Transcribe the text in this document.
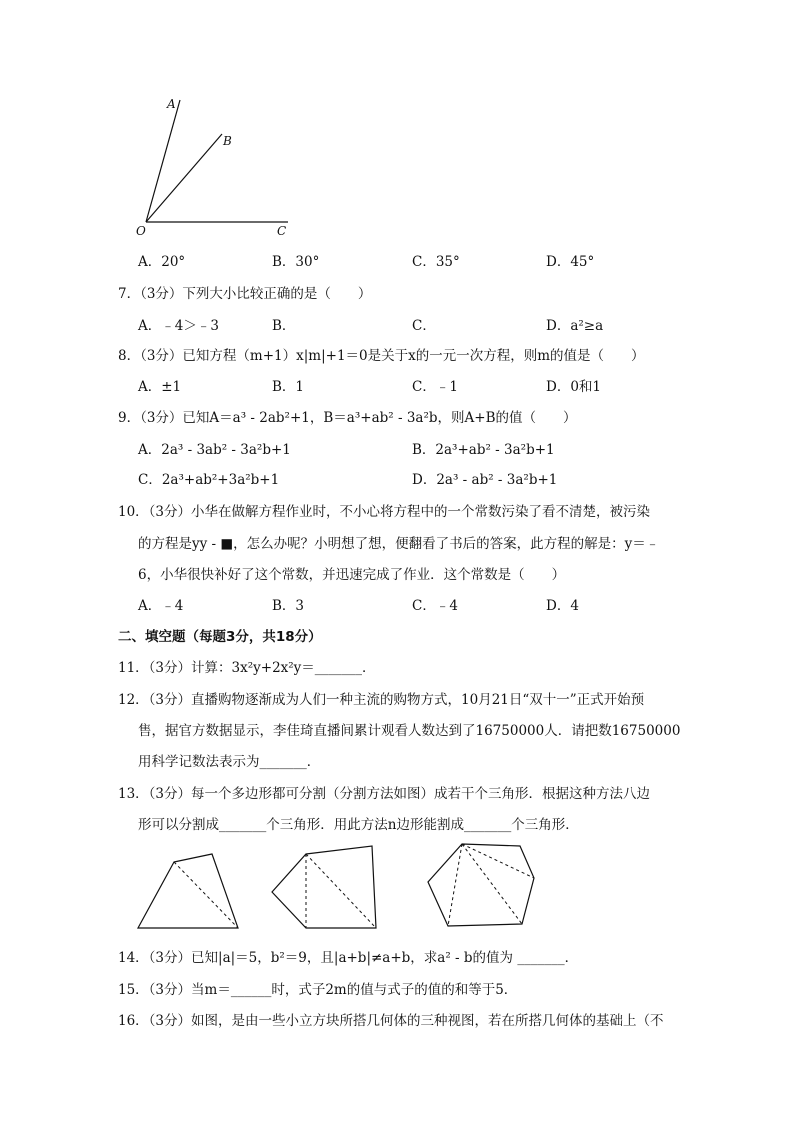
A
B
O	C
A．20°	B．30°	C．35°	D．45°
7．（3分）下列大小比较正确的是（　　）
A．﹣4＞﹣3	B．	C．	D．a²≥a
8．（3分）已知方程（m+1）x|m|+1＝0是关于x的一元一次方程，则m的值是（　　）
A．±1	B．1	C．﹣1	D．0和1
9．（3分）已知A＝a³ - 2ab²+1，B＝a³+ab² - 3a²b，则A+B的值（　　）
A．2a³ - 3ab² - 3a²b+1	B．2a³+ab² - 3a²b+1
C．2a³+ab²+3a²b+1	D．2a³ - ab² - 3a²b+1
10．（3分）小华在做解方程作业时，不小心将方程中的一个常数污染了看不清楚，被污染
的方程是yy - ■，怎么办呢？小明想了想，便翻看了书后的答案，此方程的解是：y＝﹣
6，小华很快补好了这个常数，并迅速完成了作业．这个常数是（　　）
A．﹣4	B．3	C．﹣4	D．4
二、填空题（每题3分，共18分）
11．（3分）计算：3x²y+2x²y＝_______．
12．（3分）直播购物逐渐成为人们一种主流的购物方式，10月21日“双十一”正式开始预
售，据官方数据显示，李佳琦直播间累计观看人数达到了16750000人．请把数16750000
用科学记数法表示为_______．
13．（3分）每一个多边形都可分割（分割方法如图）成若干个三角形．根据这种方法八边
形可以分割成_______个三角形．用此方法n边形能割成_______个三角形．
14．（3分）已知|a|＝5，b²＝9，且|a+b|≠a+b，求a² - b的值为 _______．
15．（3分）当m＝______时，式子2m的值与式子的值的和等于5．
16．（3分）如图，是由一些小立方块所搭几何体的三种视图，若在所搭几何体的基础上（不
